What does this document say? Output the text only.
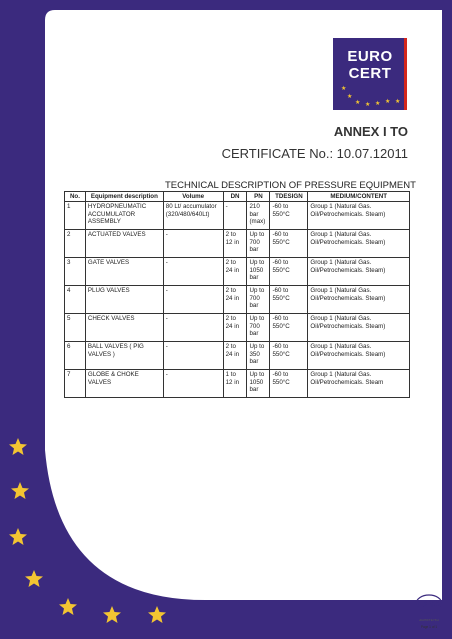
EURO
CERT
★
★
★ ★ ★ ★ ★
ANNEX I TO
CERTIFICATE No.: 10.07.12011
TECHNICAL DESCRIPTION OF PRESSURE EQUIPMENT
No.	Equipment description	Volume	DN	PN	TDESIGN	MEDIUM/CONTENT
1	HYDROPNEUMATIC ACCUMULATOR ASSEMBLY	80 Lt/ accumulator (320/480/640Lt)	-	210 bar (max)	-60 to 550°C	Group 1 (Natural Gas. Oil/Petrochemicals. Steam)
2	ACTUATED VALVES	-	2 to 12 in	Up to 700 bar	-60 to 550°C	Group 1 (Natural Gas. Oil/Petrochemicals. Steam)
3	GATE VALVES	-	2 to 24 in	Up to 1050 bar	-60 to 550°C	Group 1 (Natural Gas. Oil/Petrochemicals. Steam)
4	PLUG VALVES	-	2 to 24 in	Up to 700 bar	-60 to 550°C	Group 1 (Natural Gas. Oil/Petrochemicals. Steam)
5	CHECK VALVES	-	2 to 24 in	Up to 700 bar	-60 to 550°C	Group 1 (Natural Gas. Oil/Petrochemicals. Steam)
6	BALL VALVES ( PIG VALVES )	-	2 to 24 in	Up to 350 bar	-60 to 550°C	Group 1 (Natural Gas. Oil/Petrochemicals. Steam)
7	GLOBE & CHOKE VALVES	-	1 to 12 in	Up to 1050 bar	-60 to 550°C	Group 1 (Natural Gas. Oil/Petrochemicals. Steam
ΕΣΥΔ
ΔΙΑΠΙΣΤΕΥΣΗ
Page 1 of 1
